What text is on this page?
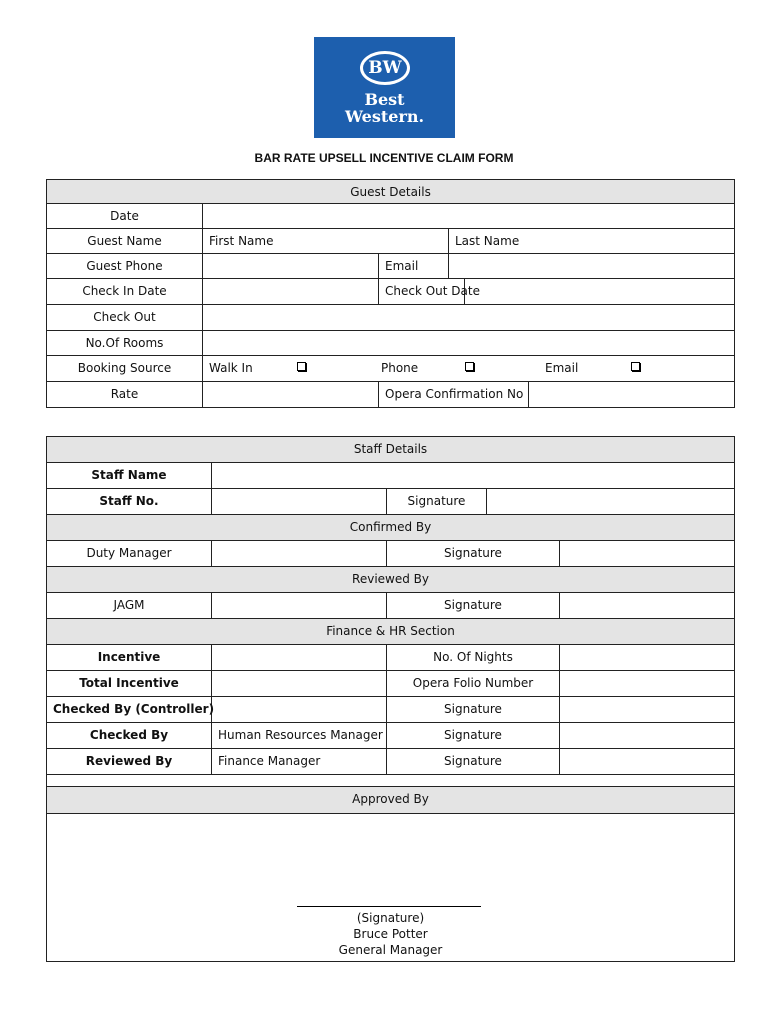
BW
Best
Western.
BAR RATE UPSELL INCENTIVE CLAIM FORM
Guest Details					
Date					
Guest Name	First Name		Last Name		
Guest Phone		Email			
Check In Date		Check Out Date			
Check Out					
No.Of Rooms					
Booking Source	Walk In Phone Email				

Rate		Opera Confirmation No			
Staff Details				
Staff Name				
Staff No.		Signature		
Confirmed By				
Duty Manager		Signature		
Reviewed By				
JAGM		Signature		
Finance & HR Section				
Incentive		No. Of Nights		
Total Incentive		Opera Folio Number		
Checked By (Controller)		Signature		
Checked By	Human Resources Manager	Signature		
Reviewed By	Finance Manager	Signature		

Approved By				

(Signature)
Bruce Potter
General Manager				
